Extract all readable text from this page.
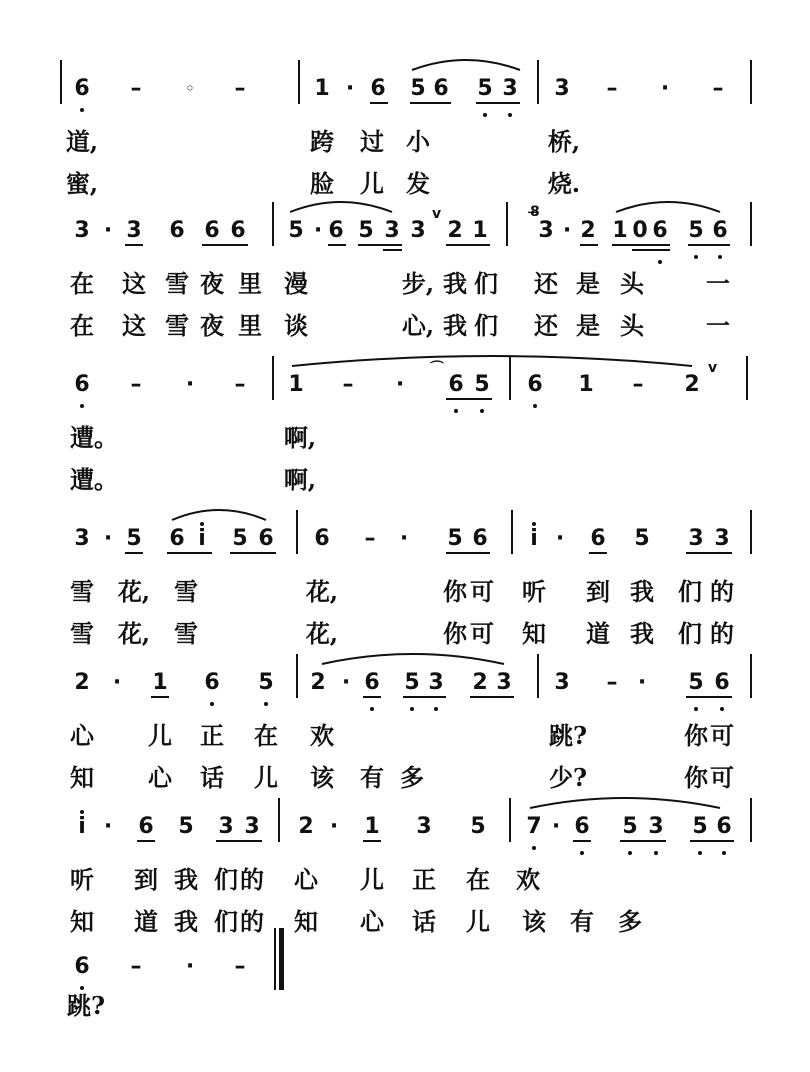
6 –	◦	–	1 · 6 5 6 5 3 3 –	·	–
道,	跨	过 小	桥,
蜜,	脸	儿 发	烧.
3 · 3 6 6 6 5 · 6 5 3 3 2 1 3 · 2 1 0 6 5 6
v	8̶
在	这 雪 夜 里 漫	步, 我 们	还 是 头	一
在	这 雪 夜 里 谈	心, 我 们	还 是 头	一
6 –	·	– 1 –	·	6 5 6 1 – 2
v
⌒
遭。	啊,
遭。	啊,
3 · 5 6 i	5 6 6 –	·	5 6	i ·	6 5 3 3
雪 花, 雪	花,	你 可	听	到 我	们 的
雪 花, 雪	花,	你 可	知	道 我	们 的
2	·	1 6 5 2 · 6 5 3 2 3 3 – ·	5 6
心	儿	正	在	欢	跳?	你 可
知	心	话	儿	该	有 多	少?	你 可
i ·	6 5 3 3 2 ·	1 3 5 7 · 6 5 3 5 6
听	到 我 们 的	心	儿	正	在	欢
知	道 我 们 的	知	心	话	儿	该	有	多
6 –	·	–
跳?
